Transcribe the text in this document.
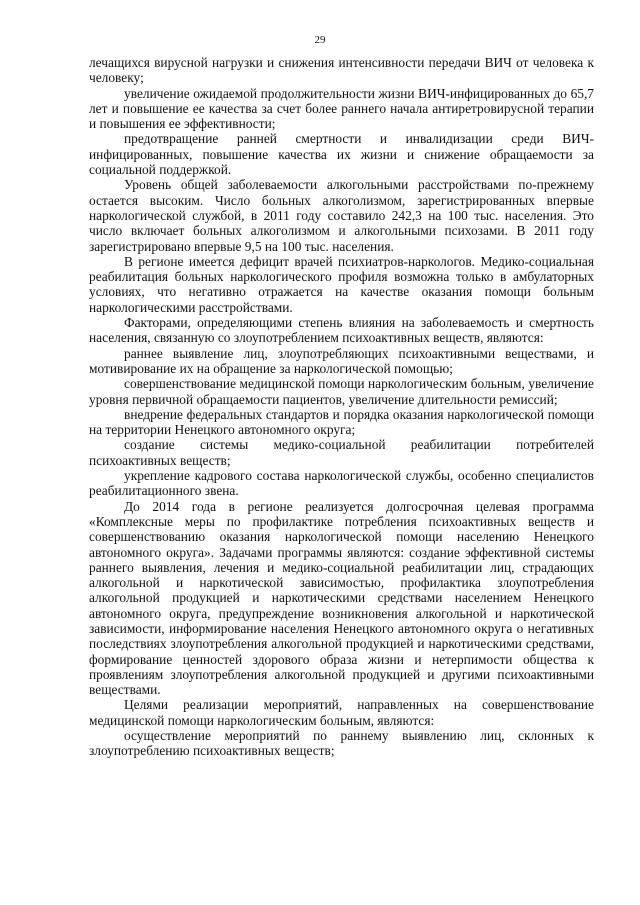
29

лечащихся вирусной нагрузки и снижения интенсивности передачи ВИЧ от человека к человеку;

увеличение ожидаемой продолжительности жизни ВИЧ-инфицированных до 65,7 лет и повышение ее качества за счет более раннего начала антиретровирусной терапии и повышения ее эффективности;

предотвращение ранней смертности и инвалидизации среди ВИЧ-инфицированных, повышение качества их жизни и снижение обращаемости за социальной поддержкой.

Уровень общей заболеваемости алкогольными расстройствами по-прежнему остается высоким. Число больных алкоголизмом, зарегистрированных впервые наркологической службой, в 2011 году составило 242,3 на 100 тыс. населения. Это число включает больных алкоголизмом и алкогольными психозами. В 2011 году зарегистрировано впервые 9,5 на 100 тыс. населения.

В регионе имеется дефицит врачей психиатров-наркологов. Медико-социальная реабилитация больных наркологического профиля возможна только в амбулаторных условиях, что негативно отражается на качестве оказания помощи больным наркологическими расстройствами.

Факторами, определяющими степень влияния на заболеваемость и смертность населения, связанную со злоупотреблением психоактивных веществ, являются:

раннее выявление лиц, злоупотребляющих психоактивными веществами, и мотивирование их на обращение за наркологической помощью;

совершенствование медицинской помощи наркологическим больным, увеличение уровня первичной обращаемости пациентов, увеличение длительности ремиссий;

внедрение федеральных стандартов и порядка оказания наркологической помощи на территории Ненецкого автономного округа;

создание системы медико-социальной реабилитации потребителей психоактивных веществ;

укрепление кадрового состава наркологической службы, особенно специалистов реабилитационного звена.

До 2014 года в регионе реализуется долгосрочная целевая программа «Комплексные меры по профилактике потребления психоактивных веществ и совершенствованию оказания наркологической помощи населению Ненецкого автономного округа». Задачами программы являются: создание эффективной системы раннего выявления, лечения и медико-социальной реабилитации лиц, страдающих алкогольной и наркотической зависимостью, профилактика злоупотребления алкогольной продукцией и наркотическими средствами населением Ненецкого автономного округа, предупреждение возникновения алкогольной и наркотической зависимости, информирование населения Ненецкого автономного округа о негативных последствиях злоупотребления алкогольной продукцией и наркотическими средствами, формирование ценностей здорового образа жизни и нетерпимости общества к проявлениям злоупотребления алкогольной продукцией и другими психоактивными веществами.

Целями реализации мероприятий, направленных на совершенствование медицинской помощи наркологическим больным, являются:

осуществление мероприятий по раннему выявлению лиц, склонных к злоупотреблению психоактивных веществ;
